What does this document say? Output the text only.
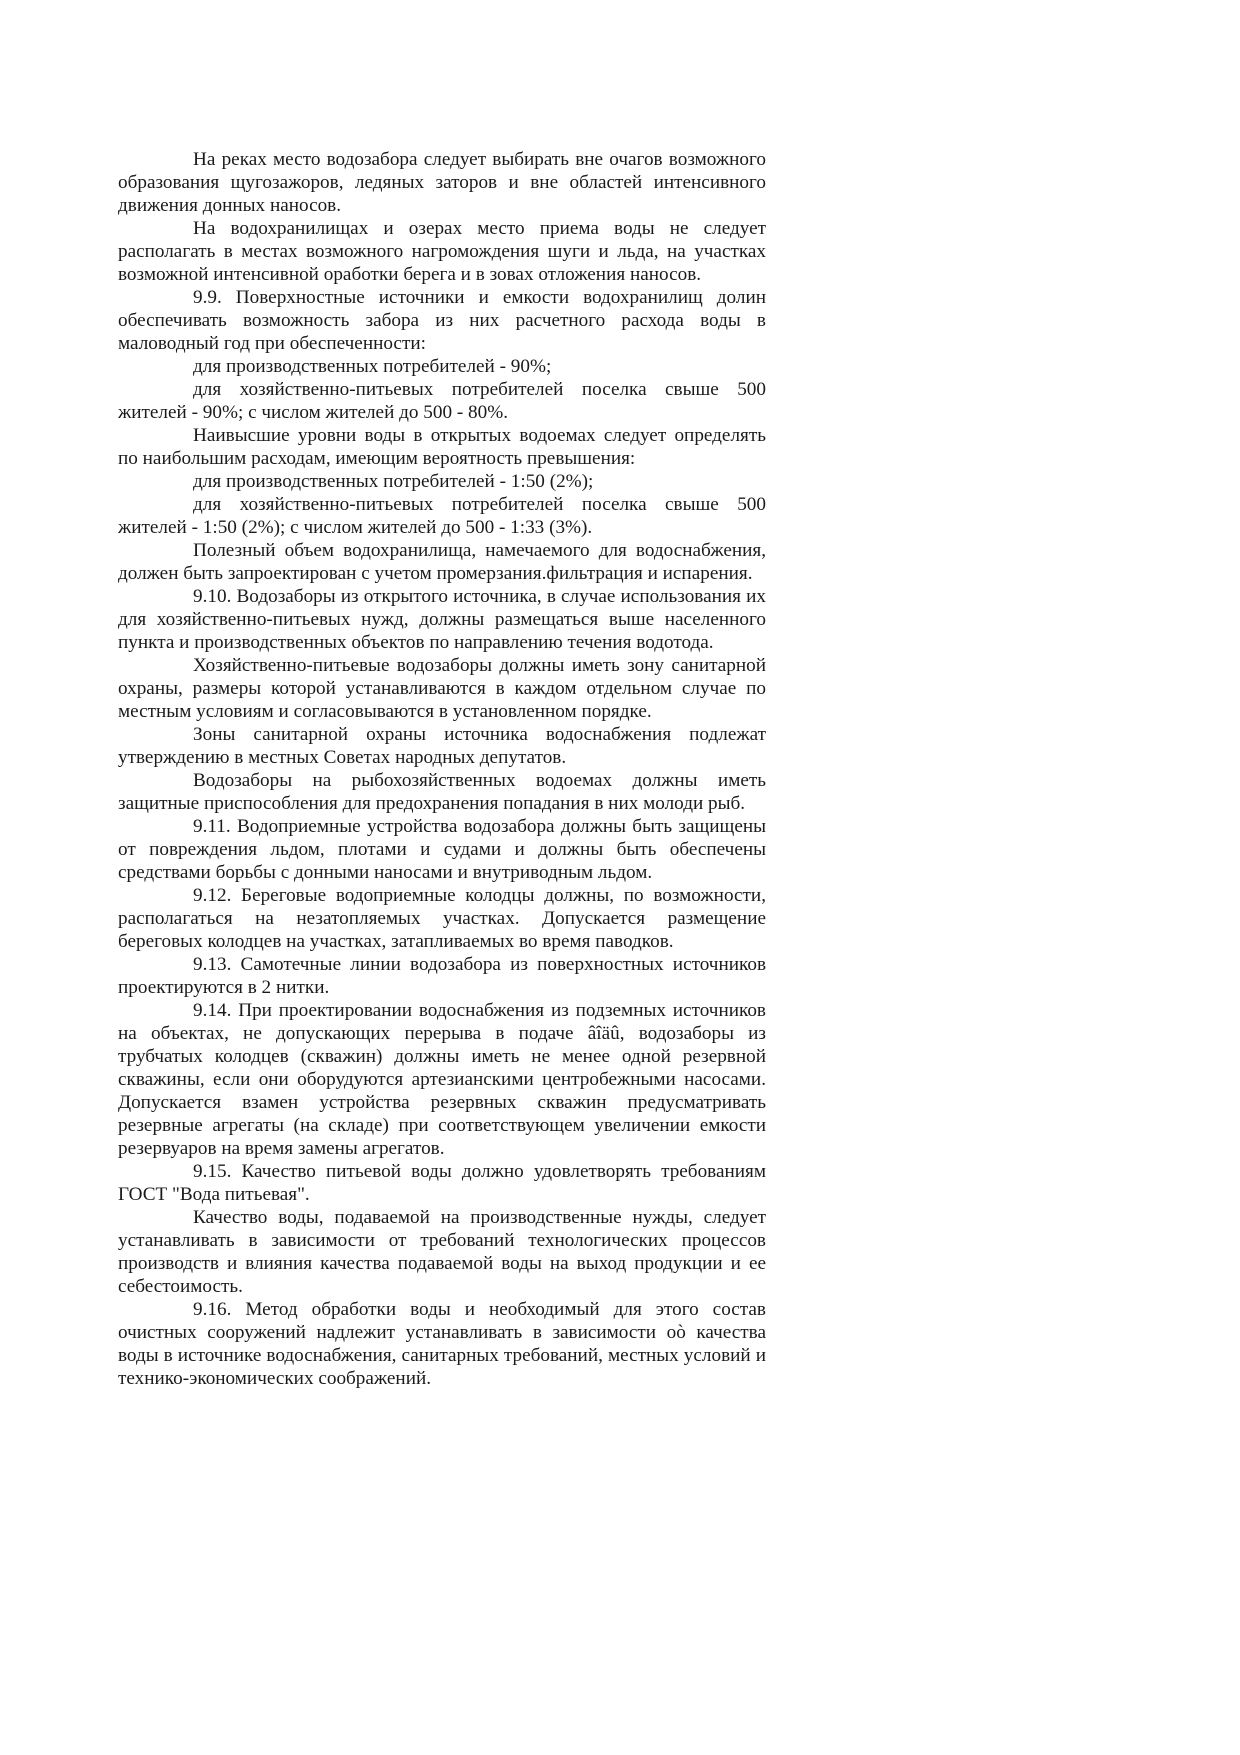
На реках место водозабора следует выбирать вне очагов возможного образования щугозажоров, ледяных заторов и вне областей интенсивного движения донных наносов.

На водохранилищах и озерах место приема воды не следует располагать в местах возможного нагромождения шуги и льда, на участках возможной интенсивной оработки берега и в зовах отложения наносов.

9.9. Поверхностные источники и емкости водохранилищ долин обеспечивать возможность забора из них расчетного расхода воды в маловодный год при обеспеченности:

для производственных потребителей - 90%;

для хозяйственно-питьевых потребителей поселка свыше 500 жителей - 90%; с числом жителей до 500 - 80%.

Наивысшие уровни воды в открытых водоемах следует определять по наибольшим расходам, имеющим вероятность превышения:

для производственных потребителей - 1:50 (2%);

для хозяйственно-питьевых потребителей поселка свыше 500 жителей - 1:50 (2%); с числом жителей до 500 - 1:33 (3%).

Полезный объем водохранилища, намечаемого для водоснабжения, должен быть запроектирован с учетом промерзания.фильтрация и испарения.

9.10. Водозаборы из открытого источника, в случае использования их для хозяйственно-питьевых нужд, должны размещаться выше населенного пункта и производственных объектов по направлению течения водотода.

Хозяйственно-питьевые водозаборы должны иметь зону санитарной охраны, размеры которой устанавливаются в каждом отдельном случае по местным условиям и согласовываются в установленном порядке.

Зоны санитарной охраны источника водоснабжения подлежат утверждению в местных Советах народных депутатов.

Водозаборы на рыбохозяйственных водоемах должны иметь защитные приспособления для предохранения попадания в них молоди рыб.

9.11. Водоприемные устройства водозабора должны быть защищены от повреждения льдом, плотами и судами и должны быть обеспечены средствами борьбы с донными наносами и внутриводным льдом.

9.12. Береговые водоприемные колодцы должны, по возможности, располагаться на незатопляемых участках. Допускается размещение береговых колодцев на участках, затапливаемых во время паводков.

9.13. Самотечные линии водозабора из поверхностных источников проектируются в 2 нитки.

9.14. При проектировании водоснабжения из подземных источников на объектах, не допускающих перерыва в подаче âîäû, водозаборы из трубчатых колодцев (скважин) должны иметь не менее одной резервной скважины, если они оборудуются артезианскими центробежными насосами. Допускается взамен устройства резервных скважин предусматривать резервные агрегаты (на складе) при соответствующем увеличении емкости резервуаров на время замены агрегатов.

9.15. Качество питьевой воды должно удовлетворять требованиям ГОСТ "Вода питьевая".

Качество воды, подаваемой на производственные нужды, следует устанавливать в зависимости от требований технологических процессов производств и влияния качества подаваемой воды на выход продукции и ее себестоимость.

9.16. Метод обработки воды и необходимый для этого состав очистных сооружений надлежит устанавливать в зависимости oò качества воды в источнике водоснабжения, санитарных требований, местных условий и технико-экономических соображений.
